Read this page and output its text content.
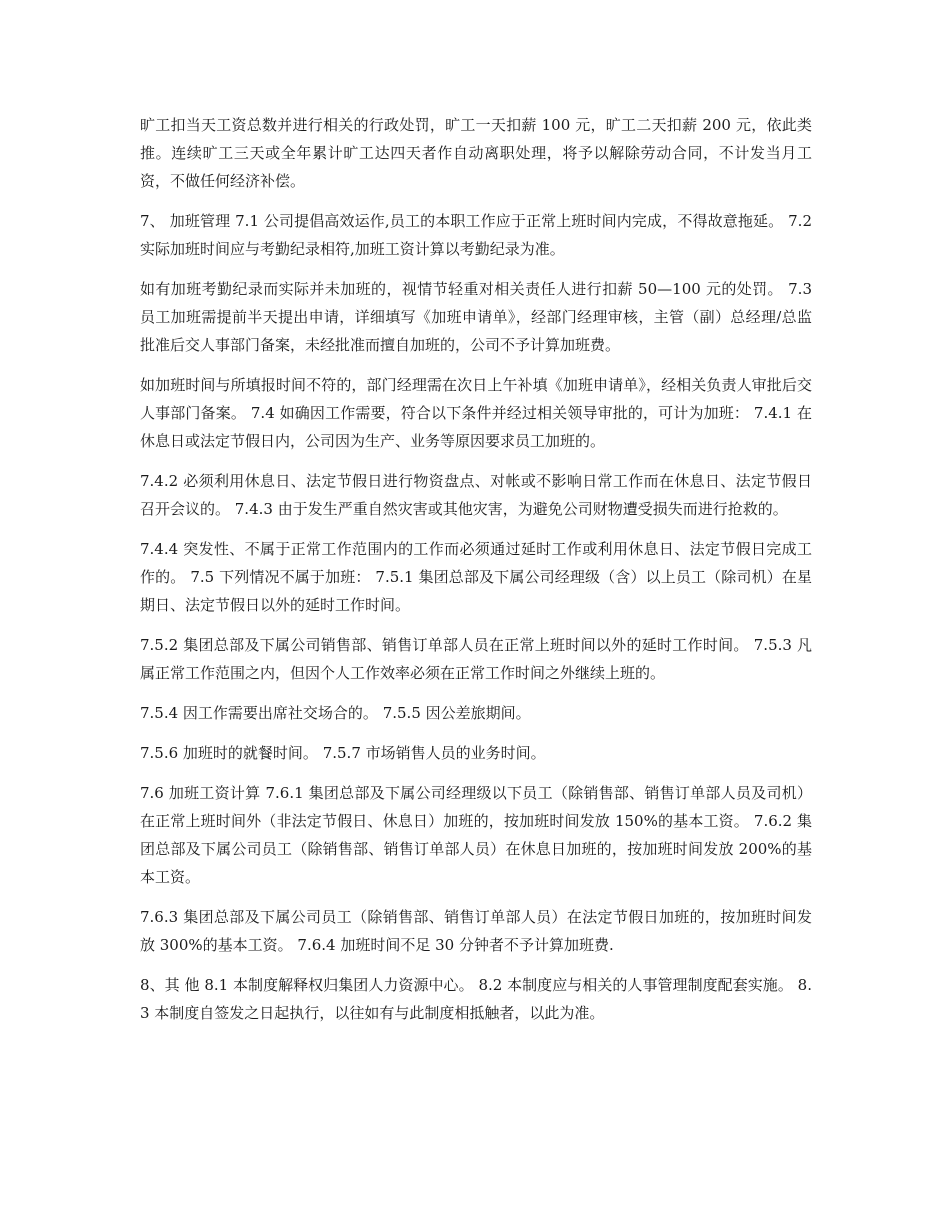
旷工扣当天工资总数并进行相关的行政处罚，旷工一天扣薪 100 元，旷工二天扣薪 200 元，依此类推。连续旷工三天或全年累计旷工达四天者作自动离职处理，将予以解除劳动合同，不计发当月工资，不做任何经济补偿。

7、 加班管理 7.1 公司提倡高效运作,员工的本职工作应于正常上班时间内完成，不得故意拖延。 7.2 实际加班时间应与考勤纪录相符,加班工资计算以考勤纪录为准。

如有加班考勤纪录而实际并未加班的，视情节轻重对相关责任人进行扣薪 50—100 元的处罚。 7.3 员工加班需提前半天提出申请，详细填写《加班申请单》，经部门经理审核，主管（副）总经理/总监批准后交人事部门备案，未经批准而擅自加班的，公司不予计算加班费。

如加班时间与所填报时间不符的，部门经理需在次日上午补填《加班申请单》，经相关负责人审批后交人事部门备案。 7.4 如确因工作需要，符合以下条件并经过相关领导审批的，可计为加班： 7.4.1 在休息日或法定节假日内，公司因为生产、业务等原因要求员工加班的。

7.4.2 必须利用休息日、法定节假日进行物资盘点、对帐或不影响日常工作而在休息日、法定节假日召开会议的。 7.4.3 由于发生严重自然灾害或其他灾害，为避免公司财物遭受损失而进行抢救的。

7.4.4 突发性、不属于正常工作范围内的工作而必须通过延时工作或利用休息日、法定节假日完成工作的。 7.5 下列情况不属于加班： 7.5.1 集团总部及下属公司经理级（含）以上员工（除司机）在星期日、法定节假日以外的延时工作时间。

7.5.2 集团总部及下属公司销售部、销售订单部人员在正常上班时间以外的延时工作时间。 7.5.3 凡属正常工作范围之内，但因个人工作效率必须在正常工作时间之外继续上班的。

7.5.4 因工作需要出席社交场合的。 7.5.5 因公差旅期间。

7.5.6 加班时的就餐时间。 7.5.7 市场销售人员的业务时间。

7.6 加班工资计算 7.6.1 集团总部及下属公司经理级以下员工（除销售部、销售订单部人员及司机）在正常上班时间外（非法定节假日、休息日）加班的，按加班时间发放 150%的基本工资。 7.6.2 集团总部及下属公司员工（除销售部、销售订单部人员）在休息日加班的，按加班时间发放 200%的基本工资。

7.6.3 集团总部及下属公司员工（除销售部、销售订单部人员）在法定节假日加班的，按加班时间发放 300%的基本工资。 7.6.4 加班时间不足 30 分钟者不予计算加班费.

8、其 他 8.1 本制度解释权归集团人力资源中心。 8.2 本制度应与相关的人事管理制度配套实施。 8.3 本制度自签发之日起执行，以往如有与此制度相抵触者，以此为准。
